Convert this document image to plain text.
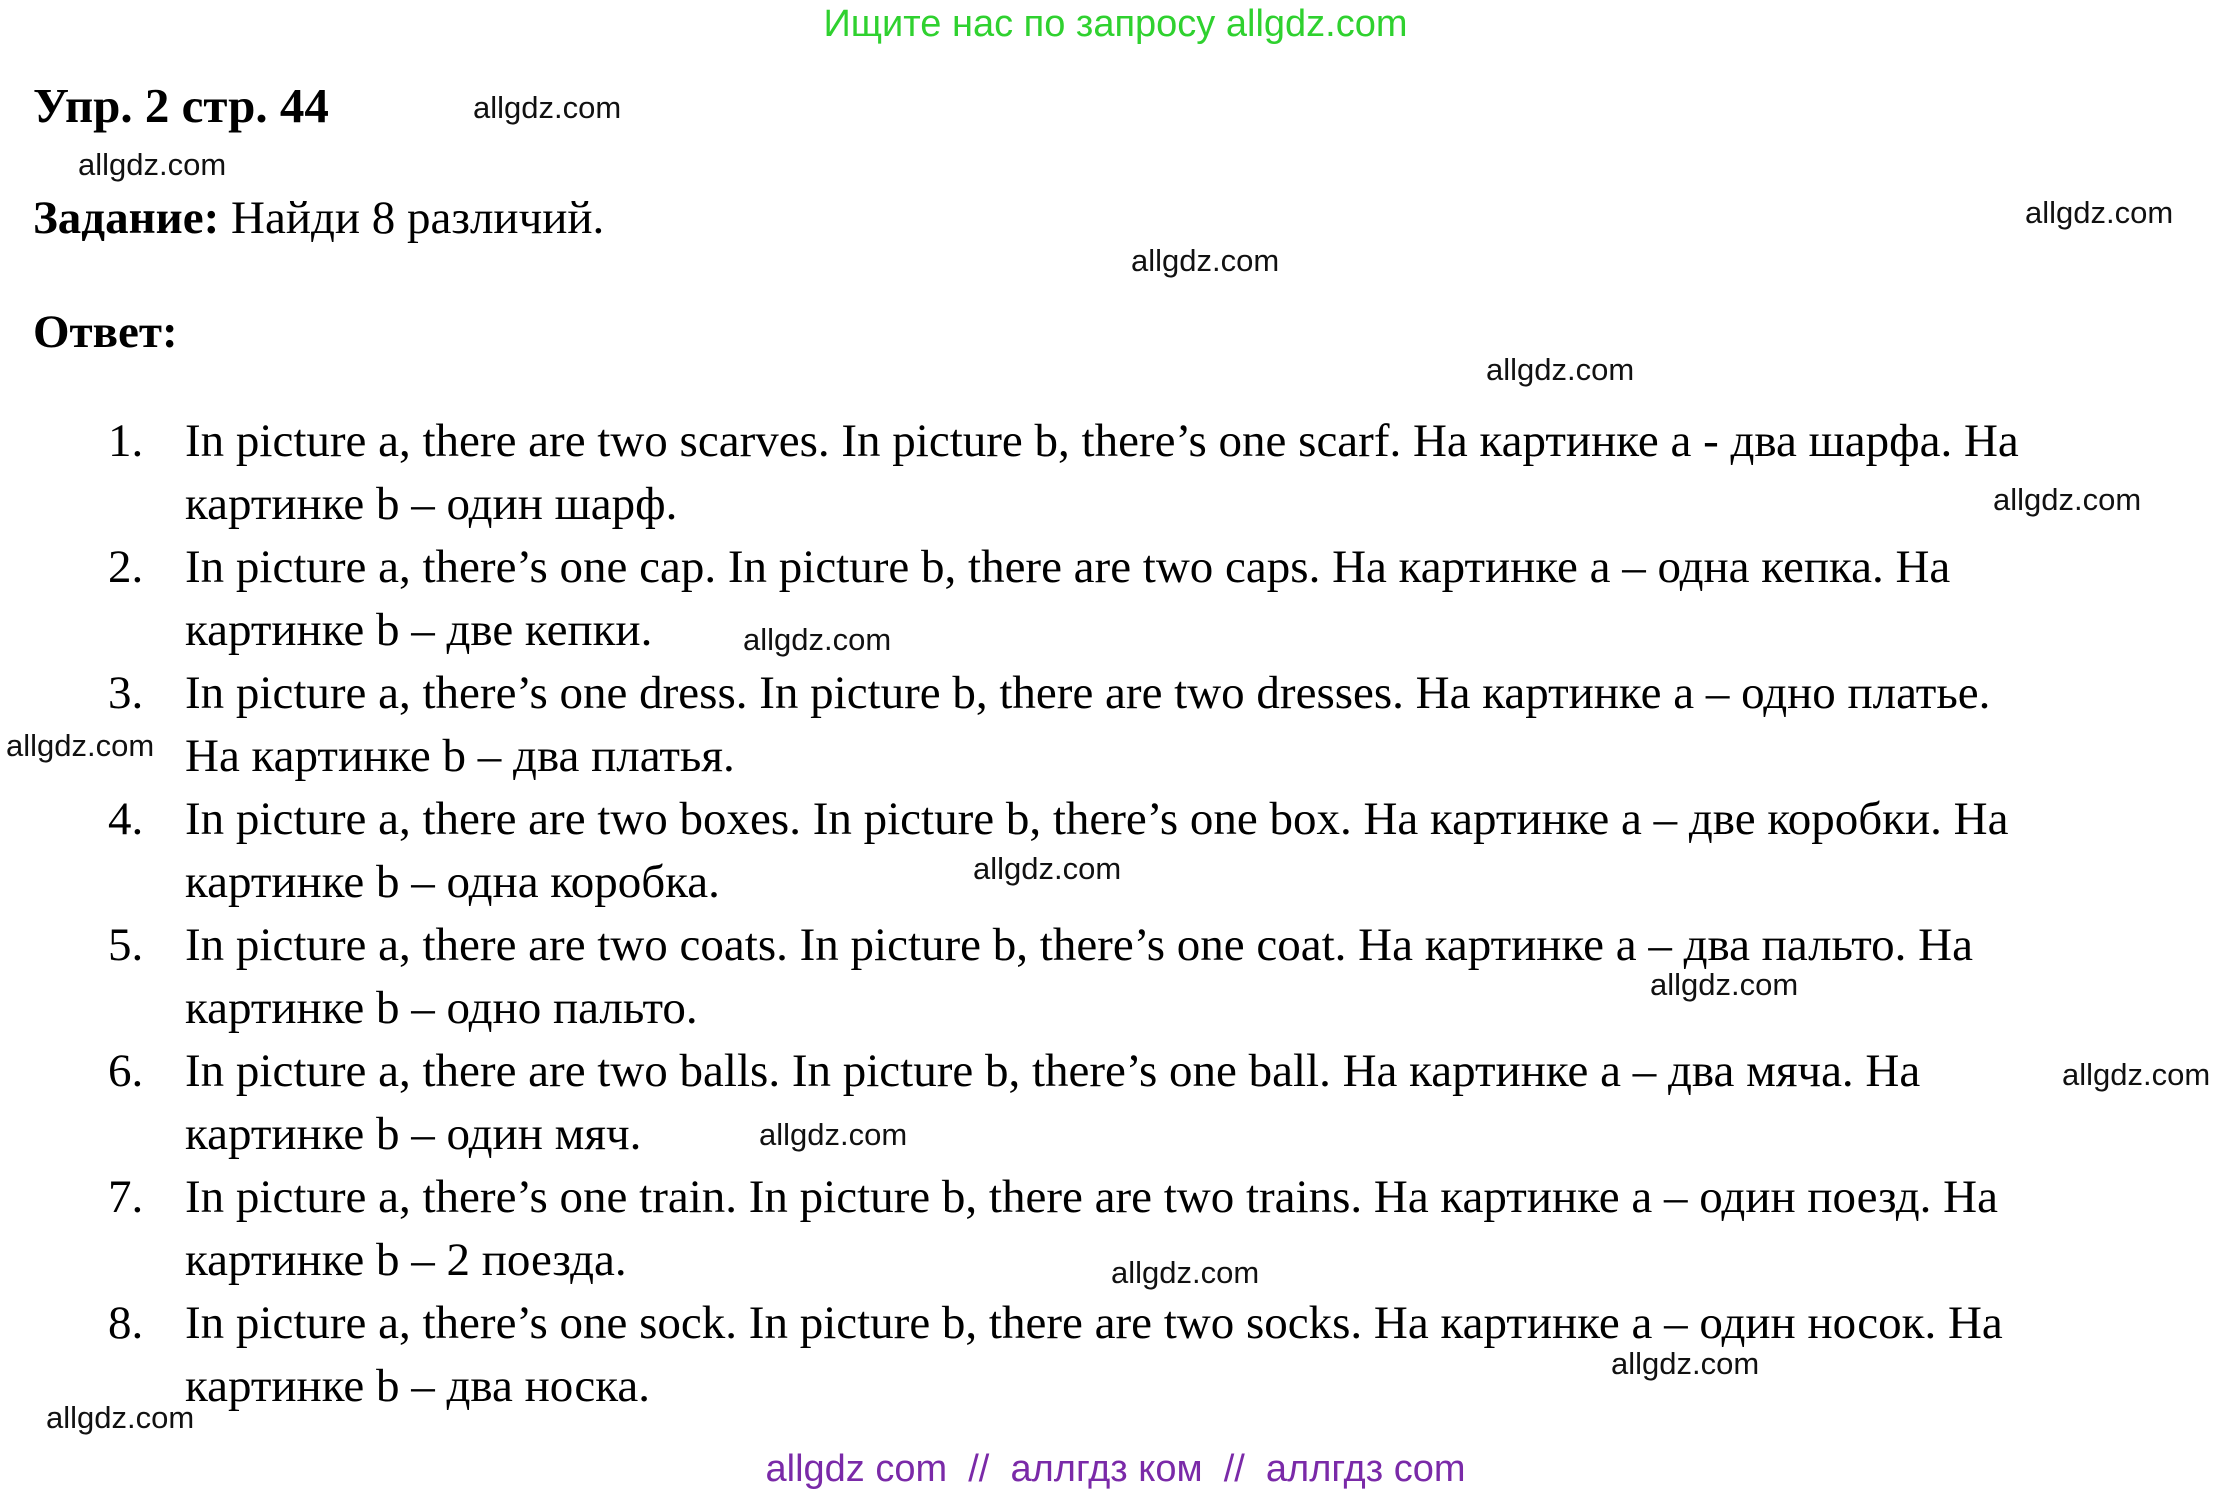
Ищите нас по запросу allgdz.com
Упр. 2 стр. 44
Задание: Найди 8 различий.
Ответ:
1. In picture a, there are two scarves. In picture b, there’s one scarf. На картинке а - два шарфа. На
картинке b – один шарф.
2. In picture a, there’s one cap. In picture b, there are two caps. На картинке а – одна кепка. На
картинке b – две кепки.
3. In picture a, there’s one dress. In picture b, there are two dresses. На картинке а – одно платье.
На картинке b – два платья.
4. In picture a, there are two boxes. In picture b, there’s one box. На картинке а – две коробки. На
картинке b – одна коробка.
5. In picture a, there are two coats. In picture b, there’s one coat. На картинке а – два пальто. На
картинке b – одно пальто.
6. In picture a, there are two balls. In picture b, there’s one ball. На картинке а – два мяча. На
картинке b – один мяч.
7. In picture a, there’s one train. In picture b, there are two trains. На картинке а – один поезд. На
картинке b – 2 поезда.
8. In picture a, there’s one sock. In picture b, there are two socks. На картинке а – один носок. На
картинке b – два носка.
allgdz.com
allgdz.com
allgdz.com
allgdz.com
allgdz.com
allgdz.com
allgdz.com
allgdz.com
allgdz.com
allgdz.com
allgdz.com
allgdz.com
allgdz.com
allgdz.com
allgdz.com
allgdz com  //  аллгдз ком  //  аллгдз com
